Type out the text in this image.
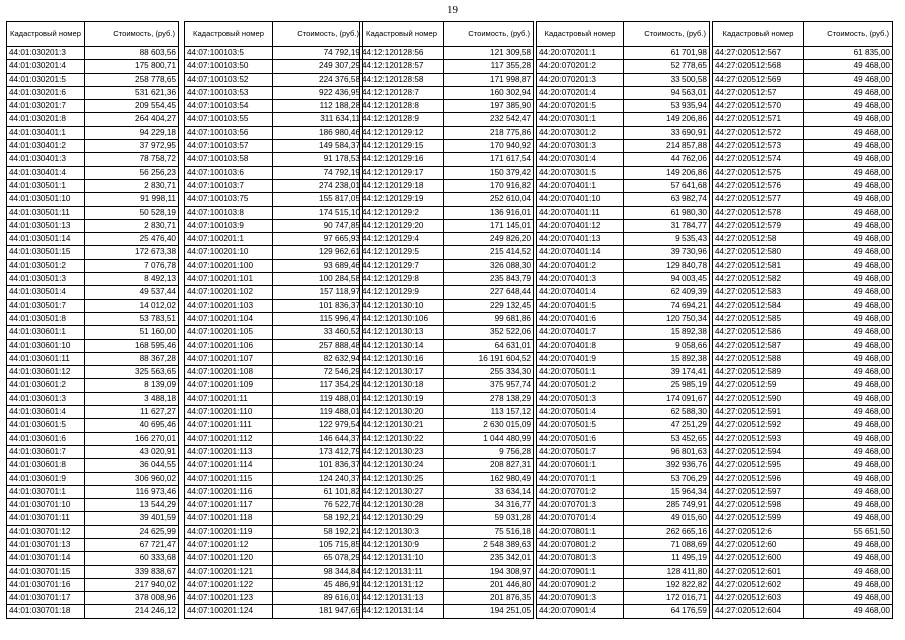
19
Кадастровый номер	Стоимость, (руб.)
44:01:030201:3	88 603,56
44:01:030201:4	175 800,71
44:01:030201:5	258 778,65
44:01:030201:6	531 621,36
44:01:030201:7	209 554,45
44:01:030201:8	264 404,27
44:01:030401:1	94 229,18
44:01:030401:2	37 972,95
44:01:030401:3	78 758,72
44:01:030401:4	56 256,23
44:01:030501:1	2 830,71
44:01:030501:10	91 998,11
44:01:030501:11	50 528,19
44:01:030501:13	2 830,71
44:01:030501:14	25 476,40
44:01:030501:15	172 673,38
44:01:030501:2	7 076,78
44:01:030501:3	8 492,13
44:01:030501:4	49 537,44
44:01:030501:7	14 012,02
44:01:030501:8	53 783,51
44:01:030601:1	51 160,00
44:01:030601:10	168 595,46
44:01:030601:11	88 367,28
44:01:030601:12	325 563,65
44:01:030601:2	8 139,09
44:01:030601:3	3 488,18
44:01:030601:4	11 627,27
44:01:030601:5	40 695,46
44:01:030601:6	166 270,01
44:01:030601:7	43 020,91
44:01:030601:8	36 044,55
44:01:030601:9	306 960,02
44:01:030701:1	116 973,46
44:01:030701:10	13 544,29
44:01:030701:11	39 401,59
44:01:030701:12	24 625,99
44:01:030701:13	67 721,47
44:01:030701:14	60 333,68
44:01:030701:15	339 838,67
44:01:030701:16	217 940,02
44:01:030701:17	378 008,96
44:01:030701:18	214 246,12
Кадастровый номер	Стоимость, (руб.)
44:07:100103:5	74 792,19
44:07:100103:50	249 307,29
44:07:100103:52	224 376,58
44:07:100103:53	922 436,95
44:07:100103:54	112 188,28
44:07:100103:55	311 634,11
44:07:100103:56	186 980,46
44:07:100103:57	149 584,37
44:07:100103:58	91 178,53
44:07:100103:6	74 792,19
44:07:100103:7	274 238,01
44:07:100103:75	155 817,05
44:07:100103:8	174 515,10
44:07:100103:9	90 747,85
44:07:100201:1	97 665,93
44:07:100201:10	129 962,61
44:07:100201:100	93 689,46
44:07:100201:101	100 284,58
44:07:100201:102	157 118,97
44:07:100201:103	101 836,37
44:07:100201:104	115 996,47
44:07:100201:105	33 460,52
44:07:100201:106	257 888,48
44:07:100201:107	82 632,94
44:07:100201:108	72 546,29
44:07:100201:109	117 354,29
44:07:100201:11	119 488,01
44:07:100201:110	119 488,01
44:07:100201:111	122 979,54
44:07:100201:112	146 644,37
44:07:100201:113	173 412,79
44:07:100201:114	101 836,37
44:07:100201:115	124 240,37
44:07:100201:116	61 101,82
44:07:100201:117	76 522,76
44:07:100201:118	58 192,21
44:07:100201:119	58 192,21
44:07:100201:12	105 715,85
44:07:100201:120	65 078,29
44:07:100201:121	98 344,84
44:07:100201:122	45 486,91
44:07:100201:123	89 616,01
44:07:100201:124	181 947,65
Кадастровый номер	Стоимость, (руб.)
44:12:120128:56	121 309,58
44:12:120128:57	117 355,28
44:12:120128:58	171 998,87
44:12:120128:7	160 302,94
44:12:120128:8	197 385,90
44:12:120128:9	232 542,47
44:12:120129:12	218 775,86
44:12:120129:15	170 940,92
44:12:120129:16	171 617,54
44:12:120129:17	150 379,42
44:12:120129:18	170 916,82
44:12:120129:19	252 610,04
44:12:120129:2	136 916,01
44:12:120129:20	171 145,01
44:12:120129:4	249 826,20
44:12:120129:5	215 414,52
44:12:120129:7	326 088,30
44:12:120129:8	235 843,79
44:12:120129:9	227 648,44
44:12:120130:10	229 132,45
44:12:120130:106	99 681,86
44:12:120130:13	352 522,06
44:12:120130:14	64 631,01
44:12:120130:16	16 191 604,52
44:12:120130:17	255 334,30
44:12:120130:18	375 957,74
44:12:120130:19	278 138,29
44:12:120130:20	113 157,12
44:12:120130:21	2 630 015,09
44:12:120130:22	1 044 480,99
44:12:120130:23	9 756,28
44:12:120130:24	208 827,31
44:12:120130:25	162 980,49
44:12:120130:27	33 634,14
44:12:120130:28	34 316,77
44:12:120130:29	59 031,28
44:12:120130:3	75 516,18
44:12:120130:9	2 548 389,63
44:12:120131:10	235 342,01
44:12:120131:11	194 308,97
44:12:120131:12	201 446,80
44:12:120131:13	201 876,35
44:12:120131:14	194 251,05
Кадастровый номер	Стоимость, (руб.)
44:20:070201:1	61 701,98
44:20:070201:2	52 778,65
44:20:070201:3	33 500,58
44:20:070201:4	94 563,01
44:20:070201:5	53 935,94
44:20:070301:1	149 206,86
44:20:070301:2	33 690,91
44:20:070301:3	214 857,88
44:20:070301:4	44 762,06
44:20:070301:5	149 206,86
44:20:070401:1	57 641,68
44:20:070401:10	63 982,74
44:20:070401:11	61 980,30
44:20:070401:12	31 784,77
44:20:070401:13	9 535,43
44:20:070401:14	39 730,96
44:20:070401:2	129 840,78
44:20:070401:3	94 003,45
44:20:070401:4	62 409,39
44:20:070401:5	74 694,21
44:20:070401:6	120 750,34
44:20:070401:7	15 892,38
44:20:070401:8	9 058,66
44:20:070401:9	15 892,38
44:20:070501:1	39 174,41
44:20:070501:2	25 985,19
44:20:070501:3	174 091,67
44:20:070501:4	62 588,30
44:20:070501:5	47 251,29
44:20:070501:6	53 452,65
44:20:070501:7	96 801,63
44:20:070601:1	392 936,76
44:20:070701:1	53 706,29
44:20:070701:2	15 964,34
44:20:070701:3	285 749,91
44:20:070701:4	49 015,60
44:20:070801:1	262 665,16
44:20:070801:2	71 088,69
44:20:070801:3	11 495,19
44:20:070901:1	128 411,80
44:20:070901:2	192 822,82
44:20:070901:3	172 016,71
44:20:070901:4	64 176,59
Кадастровый номер	Стоимость, (руб.)
44:27:020512:567	61 835,00
44:27:020512:568	49 468,00
44:27:020512:569	49 468,00
44:27:020512:57	49 468,00
44:27:020512:570	49 468,00
44:27:020512:571	49 468,00
44:27:020512:572	49 468,00
44:27:020512:573	49 468,00
44:27:020512:574	49 468,00
44:27:020512:575	49 468,00
44:27:020512:576	49 468,00
44:27:020512:577	49 468,00
44:27:020512:578	49 468,00
44:27:020512:579	49 468,00
44:27:020512:58	49 468,00
44:27:020512:580	49 468,00
44:27:020512:581	49 468,00
44:27:020512:582	49 468,00
44:27:020512:583	49 468,00
44:27:020512:584	49 468,00
44:27:020512:585	49 468,00
44:27:020512:586	49 468,00
44:27:020512:587	49 468,00
44:27:020512:588	49 468,00
44:27:020512:589	49 468,00
44:27:020512:59	49 468,00
44:27:020512:590	49 468,00
44:27:020512:591	49 468,00
44:27:020512:592	49 468,00
44:27:020512:593	49 468,00
44:27:020512:594	49 468,00
44:27:020512:595	49 468,00
44:27:020512:596	49 468,00
44:27:020512:597	49 468,00
44:27:020512:598	49 468,00
44:27:020512:599	49 468,00
44:27:020512:6	55 651,50
44:27:020512:60	49 468,00
44:27:020512:600	49 468,00
44:27:020512:601	49 468,00
44:27:020512:602	49 468,00
44:27:020512:603	49 468,00
44:27:020512:604	49 468,00
